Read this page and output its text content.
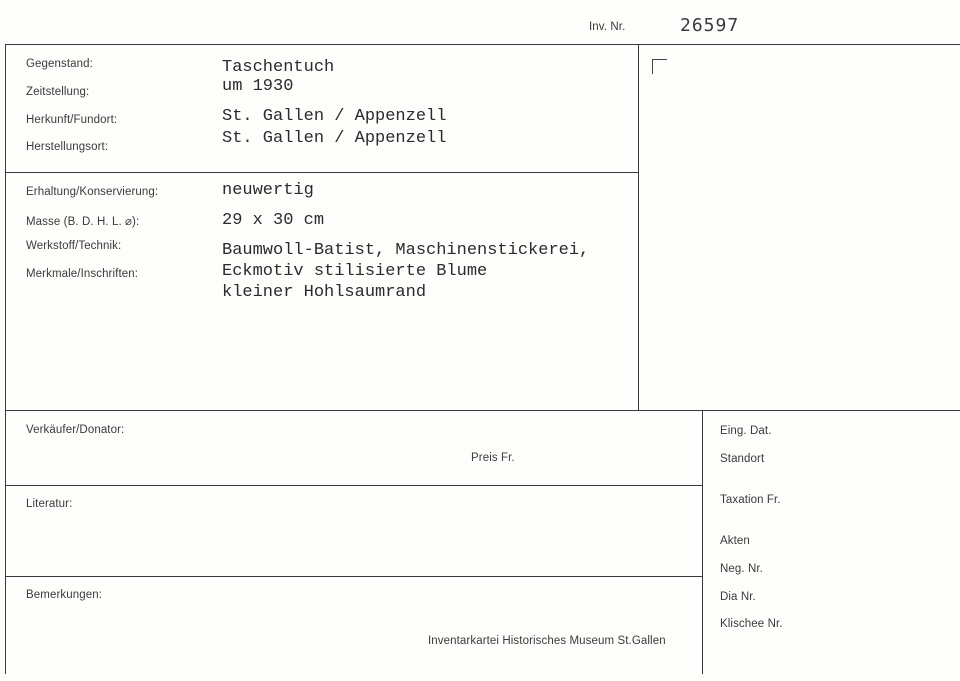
Inv. Nr.	26597
Gegenstand:
Zeitstellung:
Herkunft/Fundort:
Herstellungsort:
Taschentuch
um 1930
St. Gallen / Appenzell
St. Gallen / Appenzell
Erhaltung/Konservierung:
Masse (B. D. H. L. ⌀):
Werkstoff/Technik:
Merkmale/Inschriften:
neuwertig
29 x 30 cm
Baumwoll-Batist, Maschinenstickerei,
Eckmotiv stilisierte Blume
kleiner Hohlsaumrand
Verkäufer/Donator:
Preis Fr.
Literatur:
Bemerkungen:
Inventarkartei Historisches Museum St.Gallen
Eing. Dat.
Standort
Taxation Fr.
Akten
Neg. Nr.
Dia Nr.
Klischee Nr.
